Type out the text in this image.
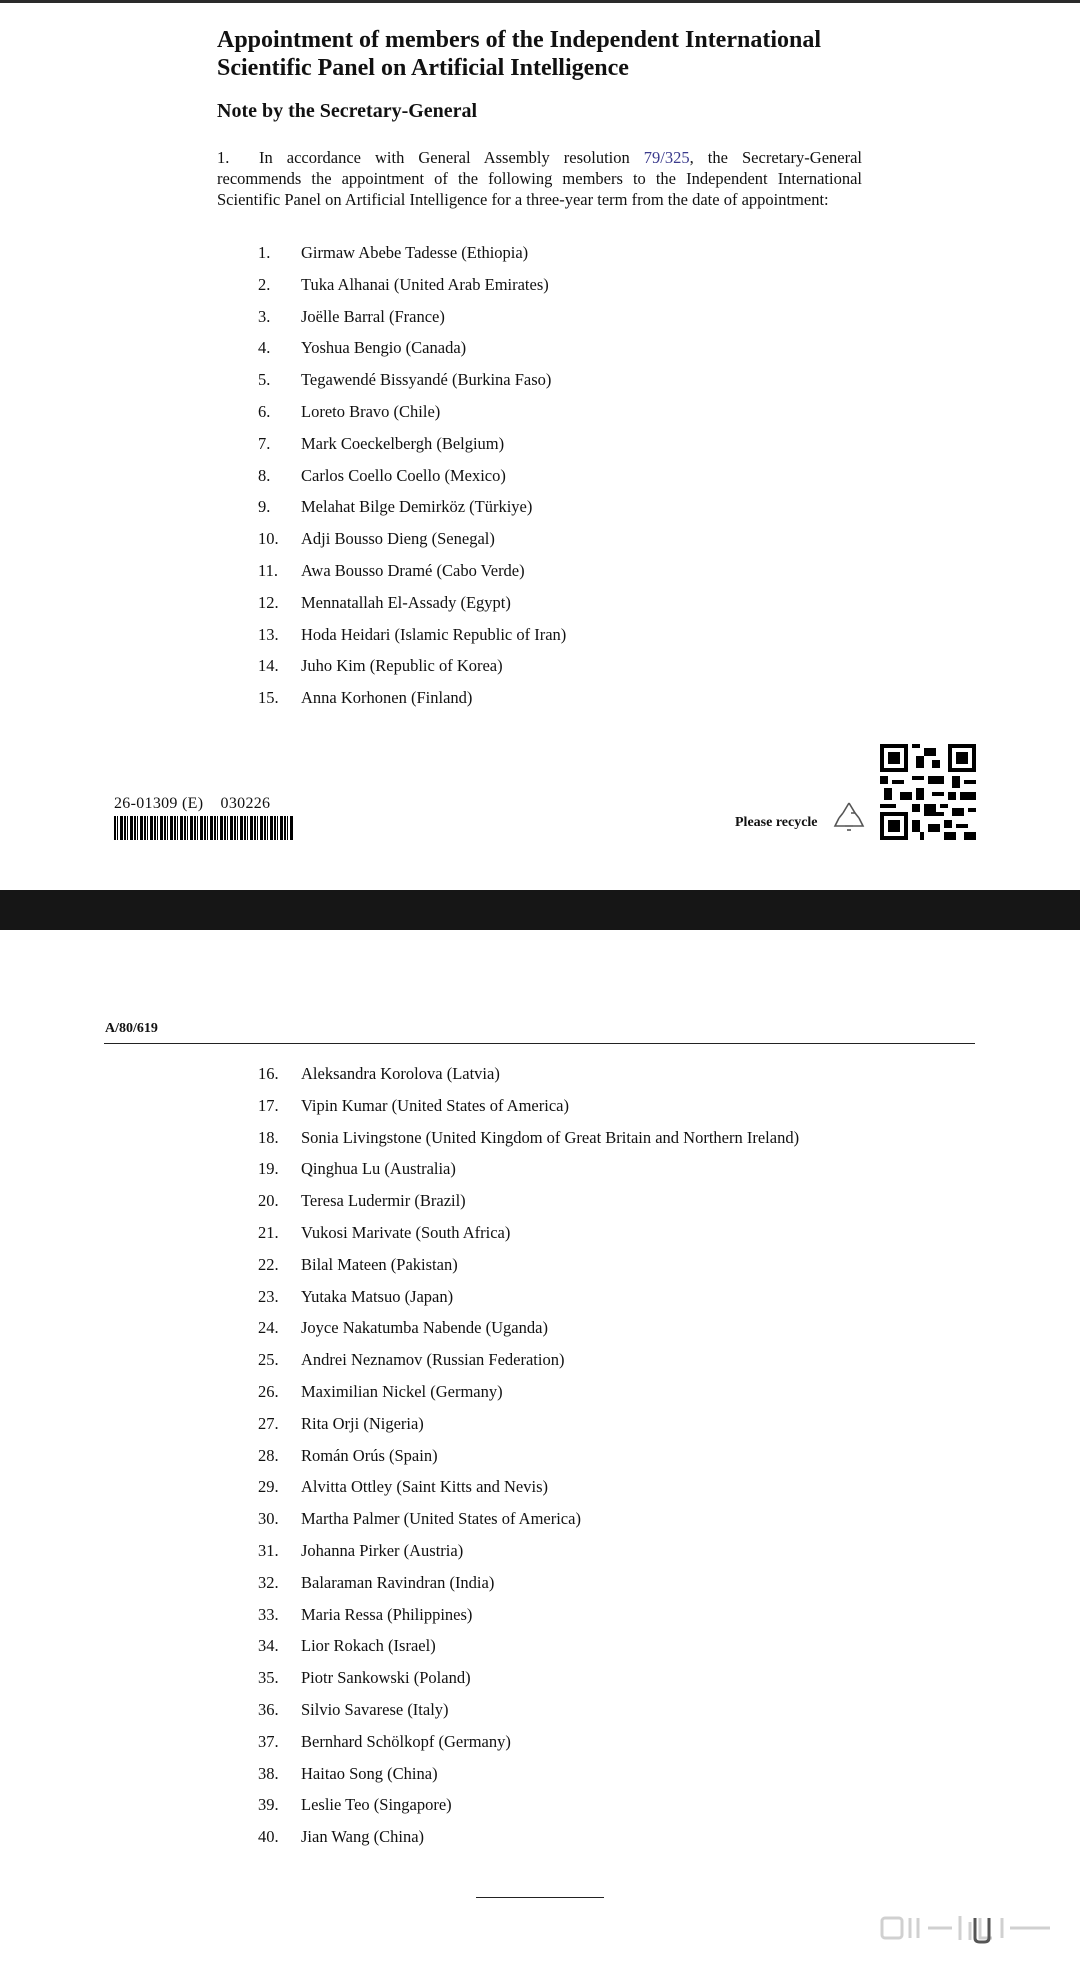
Appointment of members of the Independent International
Scientific Panel on Artificial Intelligence
Note by the Secretary-General

1. In accordance with General Assembly resolution 79/325, the Secretary-General recommends the appointment of the following members to the Independent International Scientific Panel on Artificial Intelligence for a three-year term from the date of appointment:

1.	Girmaw Abebe Tadesse (Ethiopia)
2.	Tuka Alhanai (United Arab Emirates)
3.	Joëlle Barral (France)
4.	Yoshua Bengio (Canada)
5.	Tegawendé Bissyandé (Burkina Faso)
6.	Loreto Bravo (Chile)
7.	Mark Coeckelbergh (Belgium)
8.	Carlos Coello Coello (Mexico)
9.	Melahat Bilge Demirköz (Türkiye)
10.	Adji Bousso Dieng (Senegal)
11.	Awa Bousso Dramé (Cabo Verde)
12.	Mennatallah El-Assady (Egypt)
13.	Hoda Heidari (Islamic Republic of Iran)
14.	Juho Kim (Republic of Korea)
15.	Anna Korhonen (Finland)
26-01309 (E)    030226
Please recycle
A/80/619
16.	Aleksandra Korolova (Latvia)
17.	Vipin Kumar (United States of America)
18.	Sonia Livingstone (United Kingdom of Great Britain and Northern Ireland)
19.	Qinghua Lu (Australia)
20.	Teresa Ludermir (Brazil)
21.	Vukosi Marivate (South Africa)
22.	Bilal Mateen (Pakistan)
23.	Yutaka Matsuo (Japan)
24.	Joyce Nakatumba Nabende (Uganda)
25.	Andrei Neznamov (Russian Federation)
26.	Maximilian Nickel (Germany)
27.	Rita Orji (Nigeria)
28.	Román Orús (Spain)
29.	Alvitta Ottley (Saint Kitts and Nevis)
30.	Martha Palmer (United States of America)
31.	Johanna Pirker (Austria)
32.	Balaraman Ravindran (India)
33.	Maria Ressa (Philippines)
34.	Lior Rokach (Israel)
35.	Piotr Sankowski (Poland)
36.	Silvio Savarese (Italy)
37.	Bernhard Schölkopf (Germany)
38.	Haitao Song (China)
39.	Leslie Teo (Singapore)
40.	Jian Wang (China)
